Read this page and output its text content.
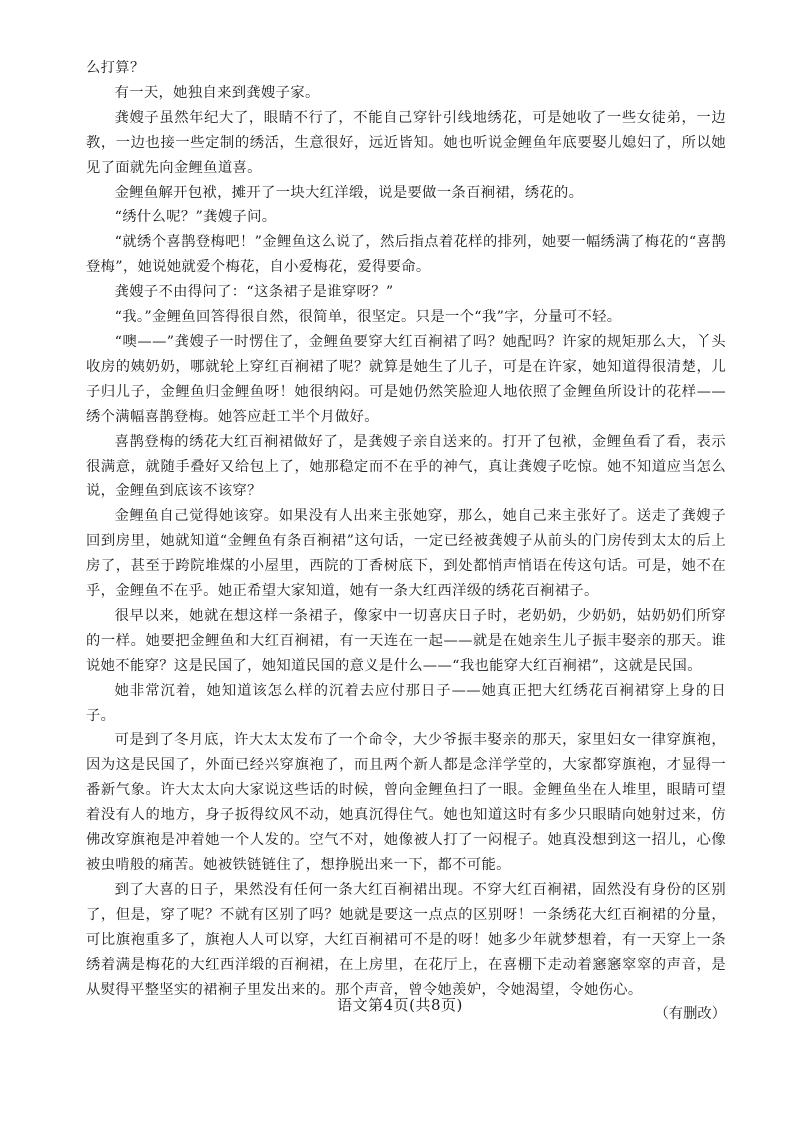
么打算？

有一天，她独自来到龚嫂子家。

龚嫂子虽然年纪大了，眼睛不行了，不能自己穿针引线地绣花，可是她收了一些女徒弟，一边教，一边也接一些定制的绣活，生意很好，远近皆知。她也听说金鲤鱼年底要娶儿媳妇了，所以她见了面就先向金鲤鱼道喜。

金鲤鱼解开包袱，摊开了一块大红洋缎，说是要做一条百裥裙，绣花的。

“绣什么呢？”龚嫂子问。

“就绣个喜鹊登梅吧！”金鲤鱼这么说了，然后指点着花样的排列，她要一幅绣满了梅花的“喜鹊登梅”，她说她就爱个梅花，自小爱梅花，爱得要命。

龚嫂子不由得问了：“这条裙子是谁穿呀？”

“我。”金鲤鱼回答得很自然，很简单，很坚定。只是一个“我”字，分量可不轻。

“噢——”龚嫂子一时愣住了，金鲤鱼要穿大红百裥裙了吗？她配吗？许家的规矩那么大，丫头收房的姨奶奶，哪就轮上穿红百裥裙了呢？就算是她生了儿子，可是在许家，她知道得很清楚，儿子归儿子，金鲤鱼归金鲤鱼呀！她很纳闷。可是她仍然笑脸迎人地依照了金鲤鱼所设计的花样——绣个满幅喜鹊登梅。她答应赶工半个月做好。

喜鹊登梅的绣花大红百裥裙做好了，是龚嫂子亲自送来的。打开了包袱，金鲤鱼看了看，表示很满意，就随手叠好又给包上了，她那稳定而不在乎的神气，真让龚嫂子吃惊。她不知道应当怎么说，金鲤鱼到底该不该穿？

金鲤鱼自己觉得她该穿。如果没有人出来主张她穿，那么，她自己来主张好了。送走了龚嫂子回到房里，她就知道“金鲤鱼有条百裥裙”这句话，一定已经被龚嫂子从前头的门房传到太太的后上房了，甚至于跨院堆煤的小屋里，西院的丁香树底下，到处都悄声悄语在传这句话。可是，她不在乎，金鲤鱼不在乎。她正希望大家知道，她有一条大红西洋级的绣花百裥裙子。

很早以来，她就在想这样一条裙子，像家中一切喜庆日子时，老奶奶，少奶奶，姑奶奶们所穿的一样。她要把金鲤鱼和大红百裥裙，有一天连在一起——就是在她亲生儿子振丰娶亲的那天。谁说她不能穿？这是民国了，她知道民国的意义是什么——“我也能穿大红百裥裙”，这就是民国。

她非常沉着，她知道该怎么样的沉着去应付那日子——她真正把大红绣花百裥裙穿上身的日子。

可是到了冬月底，许大太太发布了一个命令，大少爷振丰娶亲的那天，家里妇女一律穿旗袍，因为这是民国了，外面已经兴穿旗袍了，而且两个新人都是念洋学堂的，大家都穿旗袍，才显得一番新气象。许大太太向大家说这些话的时候，曾向金鲤鱼扫了一眼。金鲤鱼坐在人堆里，眼睛可望着没有人的地方，身子扳得纹风不动，她真沉得住气。她也知道这时有多少只眼睛向她射过来，仿佛改穿旗袍是冲着她一个人发的。空气不对，她像被人打了一闷棍子。她真没想到这一招儿，心像被虫啃般的痛苦。她被铁链链住了，想挣脱出来一下，都不可能。

到了大喜的日子，果然没有任何一条大红百裥裙出现。不穿大红百裥裙，固然没有身份的区别了，但是，穿了呢？不就有区别了吗？她就是要这一点点的区别呀！一条绣花大红百裥裙的分量，可比旗袍重多了，旗袍人人可以穿，大红百裥裙可不是的呀！她多少年就梦想着，有一天穿上一条绣着满是梅花的大红西洋缎的百裥裙，在上房里，在花厅上，在喜棚下走动着窸窸窣窣的声音，是从熨得平整坚实的裙裥子里发出来的。那个声音，曾令她羡妒，令她渴望，令她伤心。

（有删改）

语文第4页(共8页)
